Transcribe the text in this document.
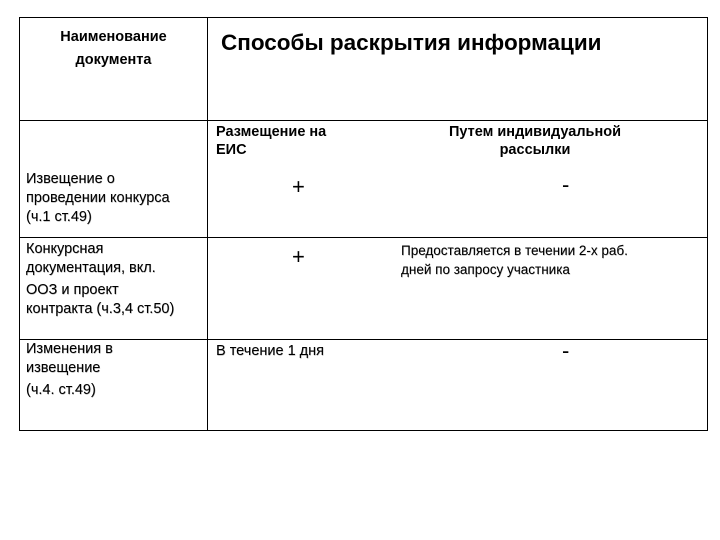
Наименование
документа
Способы раскрытия информации
Размещение на
ЕИС
Путем индивидуальной
рассылки
Извещение о
проведении конкурса
(ч.1 ст.49)
+	-
Конкурсная
документация, вкл.
ООЗ и проект
контракта (ч.3,4 ст.50)
+	Предоставляется в течении 2-х раб.
дней по запросу участника
Изменения в
извещение
(ч.4. ст.49)
В течение 1 дня	-
